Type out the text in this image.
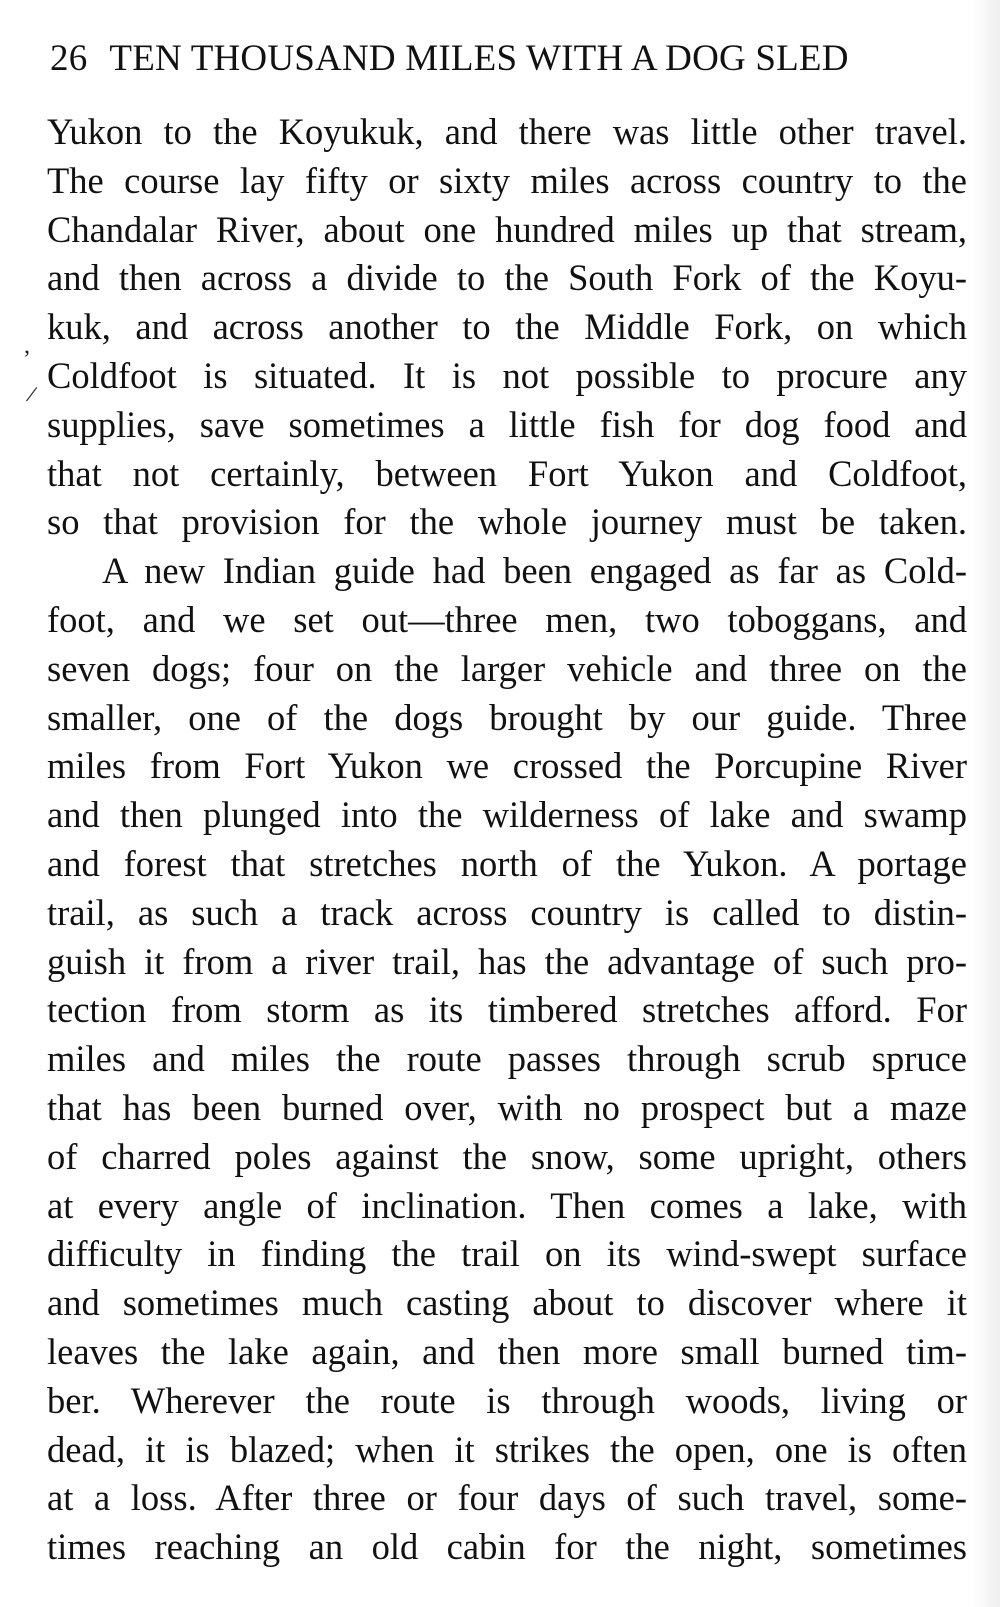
26 TEN THOUSAND MILES WITH A DOG SLED
,
/
Yukon to the Koyukuk, and there was little other travel.
The course lay fifty or sixty miles across country to the
Chandalar River, about one hundred miles up that stream,
and then across a divide to the South Fork of the Koyu-
kuk, and across another to the Middle Fork, on which
Coldfoot is situated. It is not possible to procure any
supplies, save sometimes a little fish for dog food and
that not certainly, between Fort Yukon and Coldfoot,
so that provision for the whole journey must be taken.
A new Indian guide had been engaged as far as Cold-
foot, and we set out—three men, two toboggans, and
seven dogs; four on the larger vehicle and three on the
smaller, one of the dogs brought by our guide. Three
miles from Fort Yukon we crossed the Porcupine River
and then plunged into the wilderness of lake and swamp
and forest that stretches north of the Yukon. A portage
trail, as such a track across country is called to distin-
guish it from a river trail, has the advantage of such pro-
tection from storm as its timbered stretches afford. For
miles and miles the route passes through scrub spruce
that has been burned over, with no prospect but a maze
of charred poles against the snow, some upright, others
at every angle of inclination. Then comes a lake, with
difficulty in finding the trail on its wind-swept surface
and sometimes much casting about to discover where it
leaves the lake again, and then more small burned tim-
ber. Wherever the route is through woods, living or
dead, it is blazed; when it strikes the open, one is often
at a loss. After three or four days of such travel, some-
times reaching an old cabin for the night, sometimes
